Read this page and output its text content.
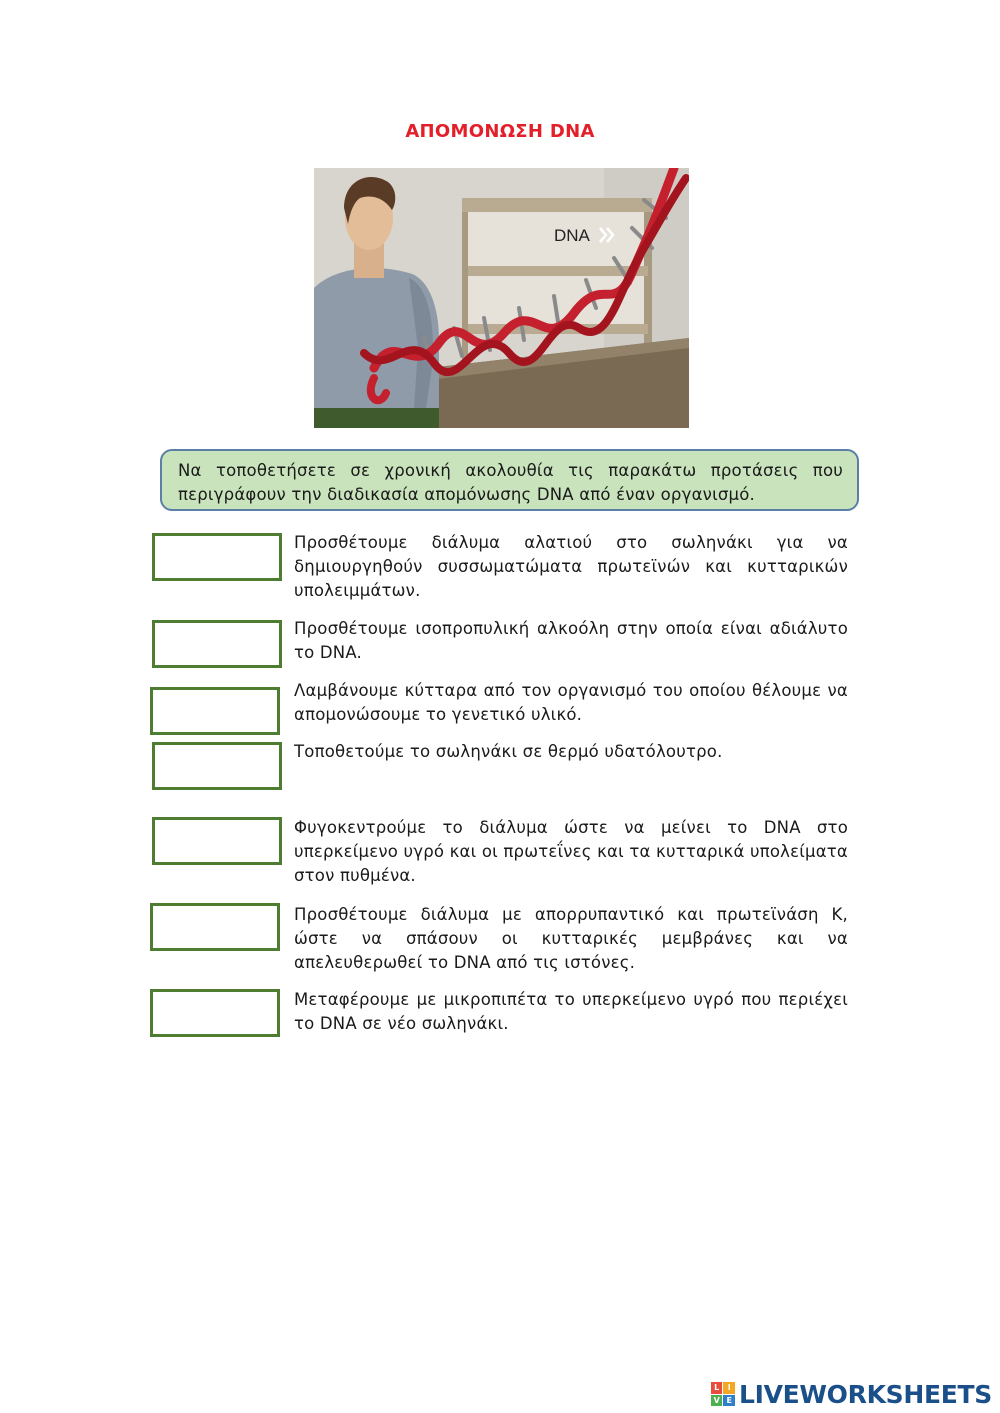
ΑΠΟΜΟΝΩΣΗ DNA
DNA
Να τοποθετήσετε σε χρονική ακολουθία τις παρακάτω προτάσεις που περιγράφουν την διαδικασία απομόνωσης DNA από έναν οργανισμό.
Προσθέτουμε διάλυμα αλατιού στο σωληνάκι για να δημιουργηθούν συσσωματώματα πρωτεϊνών και κυτταρικών υπολειμμάτων.
Προσθέτουμε ισοπροπυλική αλκοόλη στην οποία είναι αδιάλυτο το DNA.
Λαμβάνουμε κύτταρα από τον οργανισμό του οποίου θέλουμε να απομονώσουμε το γενετικό υλικό.
Τοποθετούμε το σωληνάκι σε θερμό υδατόλουτρο.
Φυγοκεντρούμε το διάλυμα ώστε να μείνει το DNA στο υπερκείμενο υγρό και οι πρωτεΐνες και τα κυτταρικά υπολείματα στον πυθμένα.
Προσθέτουμε διάλυμα με απορρυπαντικό και πρωτεϊνάση Κ, ώστε να σπάσουν οι κυτταρικές μεμβράνες και να απελευθερωθεί το DNA από τις ιστόνες.
Μεταφέρουμε με μικροπιπέτα το υπερκείμενο υγρό που περιέχει το DNA σε νέο σωληνάκι.
L	I
V E LIVEWORKSHEETS
